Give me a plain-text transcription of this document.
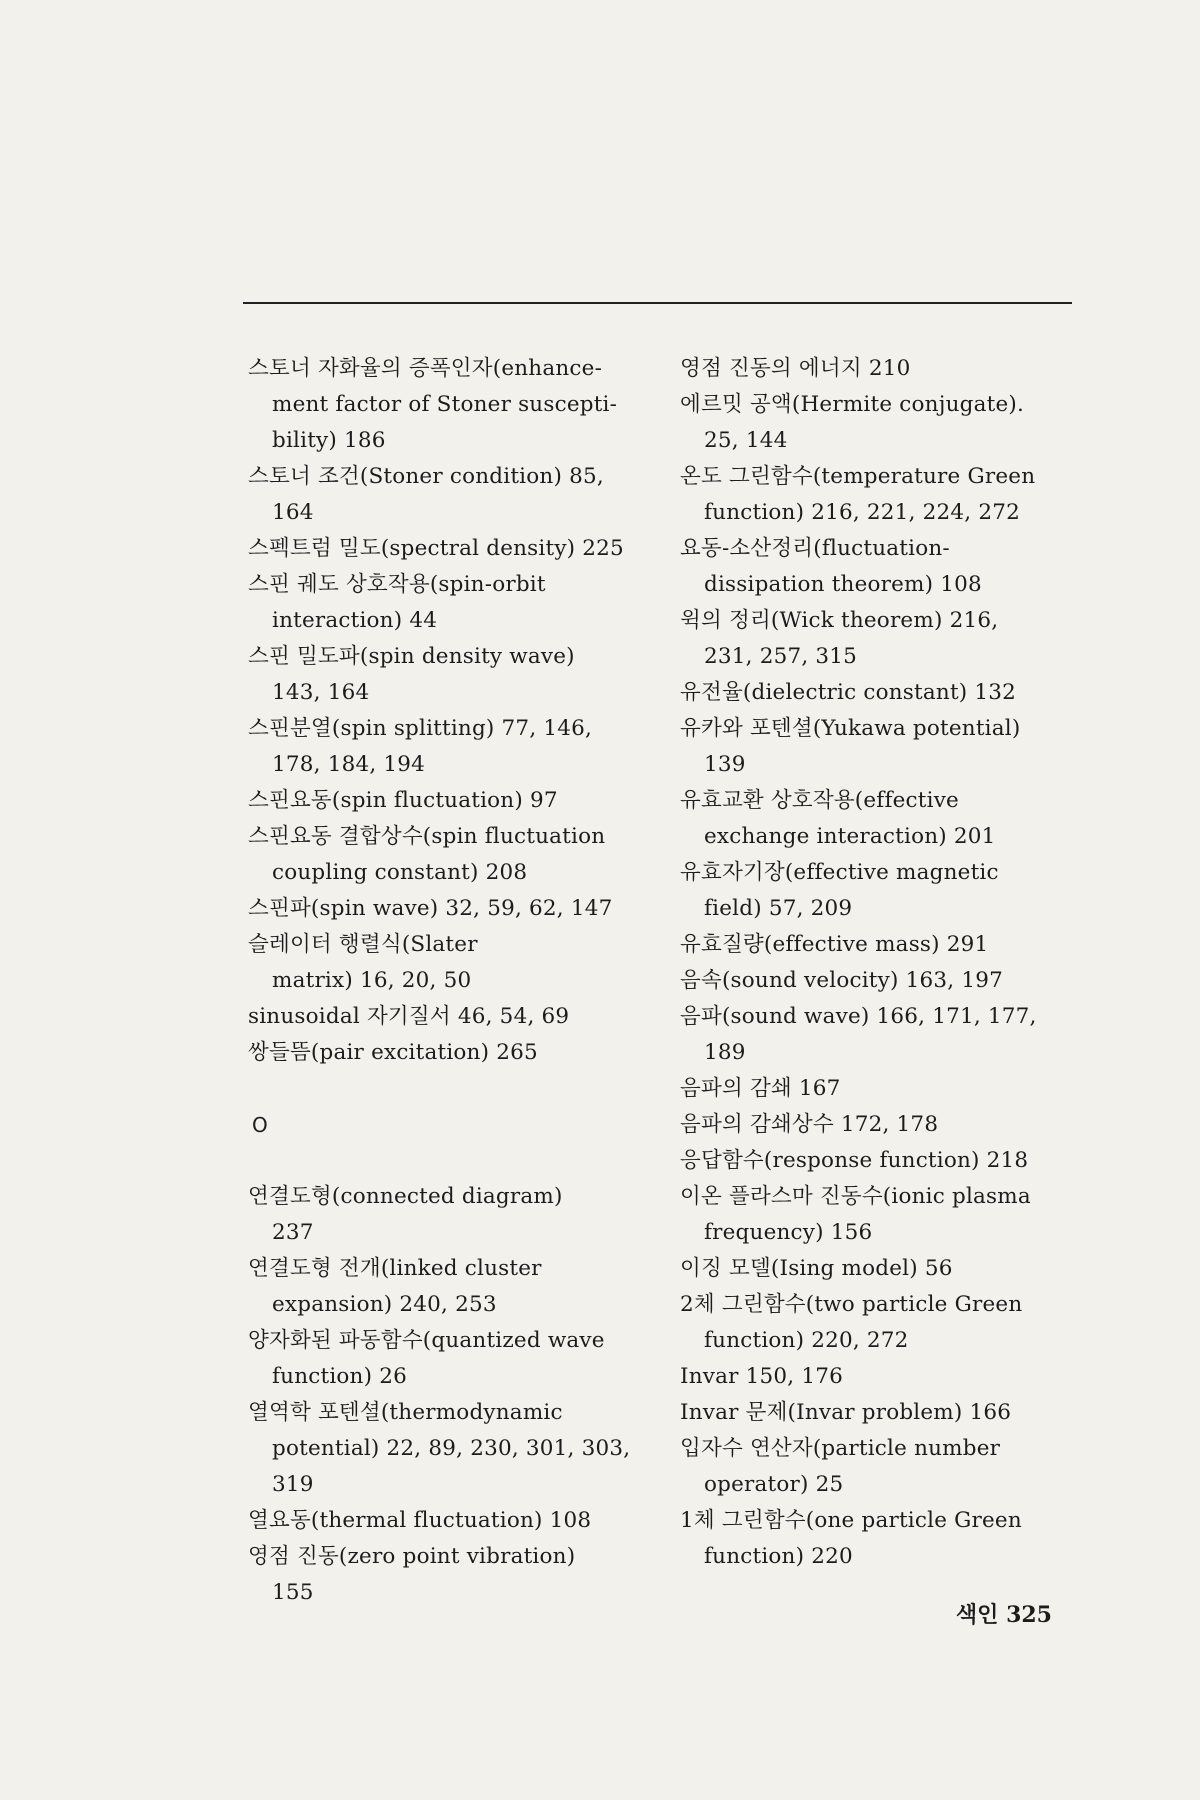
스토너 자화율의 증폭인자(enhance-
ment factor of Stoner suscepti-
bility) 186
스토너 조건(Stoner condition) 85,
164
스펙트럼 밀도(spectral density) 225
스핀 궤도 상호작용(spin-orbit
interaction) 44
스핀 밀도파(spin density wave)
143, 164
스핀분열(spin splitting) 77, 146,
178, 184, 194
스핀요동(spin fluctuation) 97
스핀요동 결합상수(spin fluctuation
coupling constant) 208
스핀파(spin wave) 32, 59, 62, 147
슬레이터 행렬식(Slater
matrix) 16, 20, 50
sinusoidal 자기질서 46, 54, 69
쌍들뜸(pair excitation) 265
O
연결도형(connected diagram)
237
연결도형 전개(linked cluster
expansion) 240, 253
양자화된 파동함수(quantized wave
function) 26
열역학 포텐셜(thermodynamic
potential) 22, 89, 230, 301, 303,
319
열요동(thermal fluctuation) 108
영점 진동(zero point vibration)
155
영점 진동의 에너지 210
에르밋 공액(Hermite conjugate).
25, 144
온도 그린함수(temperature Green
function) 216, 221, 224, 272
요동-소산정리(fluctuation-
dissipation theorem) 108
윅의 정리(Wick theorem) 216,
231, 257, 315
유전율(dielectric constant) 132
유카와 포텐셜(Yukawa potential)
139
유효교환 상호작용(effective
exchange interaction) 201
유효자기장(effective magnetic
field) 57, 209
유효질량(effective mass) 291
음속(sound velocity) 163, 197
음파(sound wave) 166, 171, 177,
189
음파의 감쇄 167
음파의 감쇄상수 172, 178
응답함수(response function) 218
이온 플라스마 진동수(ionic plasma
frequency) 156
이징 모델(Ising model) 56
2체 그린함수(two particle Green
function) 220, 272
Invar 150, 176
Invar 문제(Invar problem) 166
입자수 연산자(particle number
operator) 25
1체 그린함수(one particle Green
function) 220
색인 325
